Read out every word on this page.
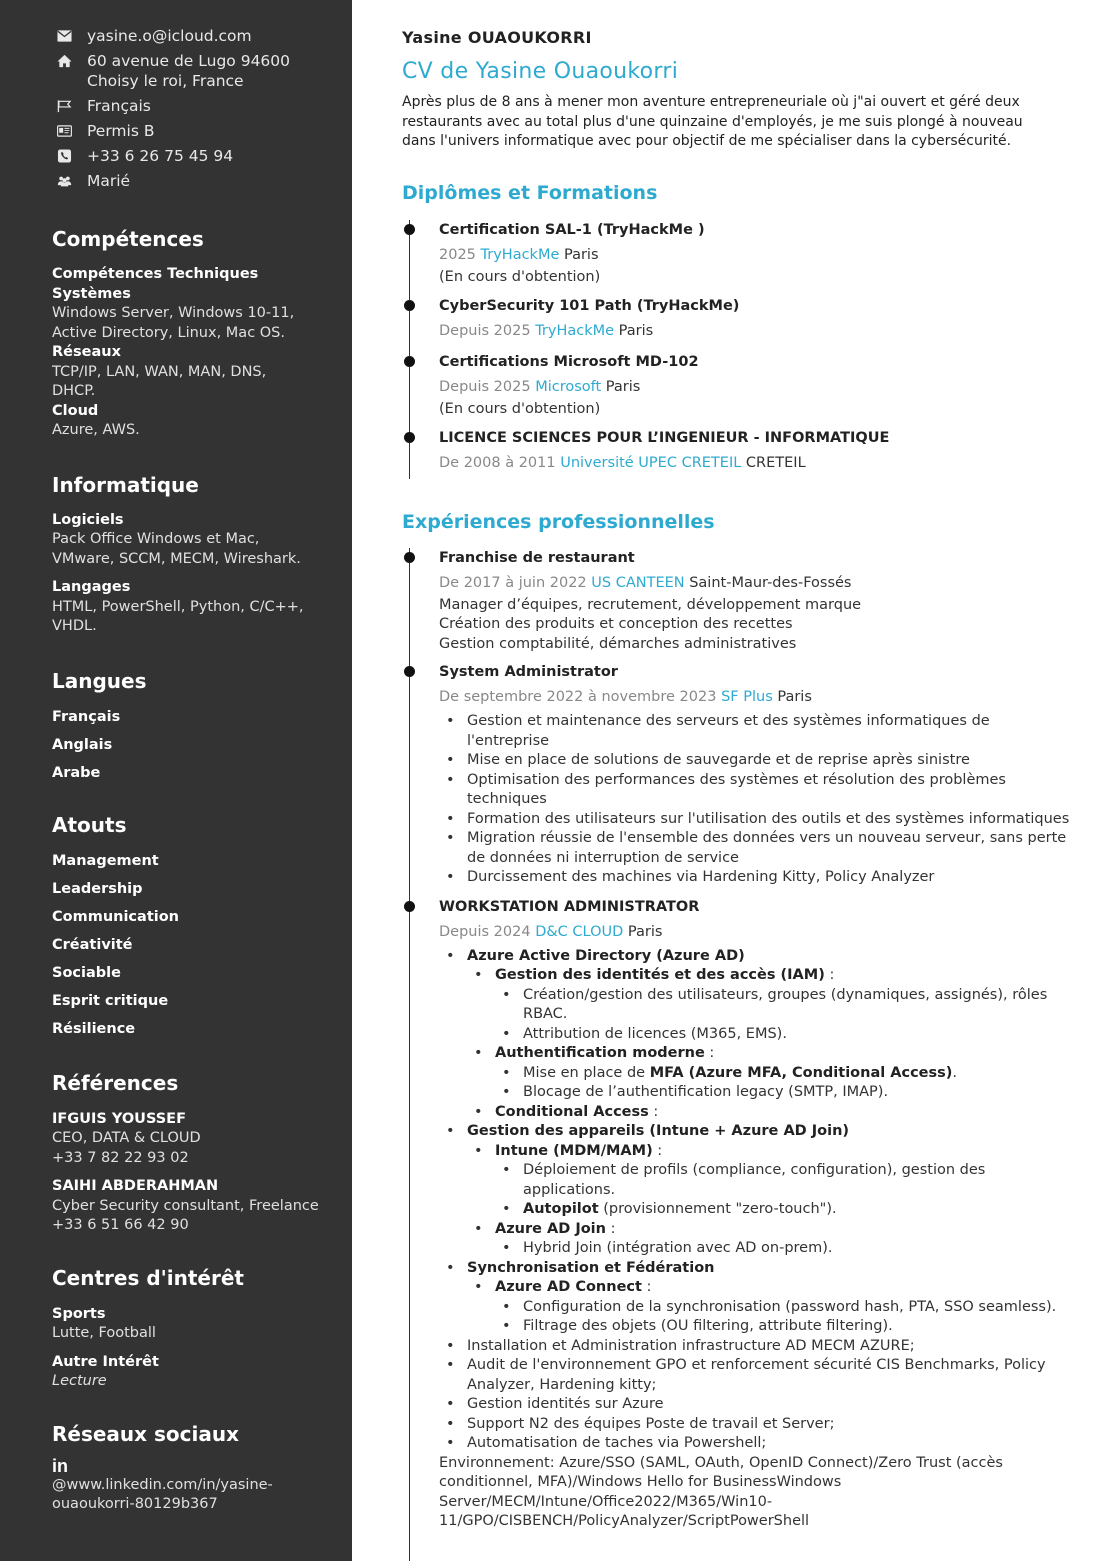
yasine.o@icloud.com
60 avenue de Lugo 94600
Choisy le roi, France
Français
Permis B
+33 6 26 75 45 94
Marié
Compétences
Compétences Techniques
Systèmes
Windows Server, Windows 10-11,
Active Directory, Linux, Mac OS.
Réseaux
TCP/IP, LAN, WAN, MAN, DNS,
DHCP.
Cloud
Azure, AWS.
Informatique
Logiciels
Pack Office Windows et Mac,
VMware, SCCM, MECM, Wireshark.
Langages
HTML, PowerShell, Python, C/C++,
VHDL.
Langues
Français
Anglais
Arabe
Atouts
Management
Leadership
Communication
Créativité
Sociable
Esprit critique
Résilience
Références
IFGUIS YOUSSEF
CEO, DATA & CLOUD
+33 7 82 22 93 02
SAIHI ABDERAHMAN
Cyber Security consultant, Freelance
+33 6 51 66 42 90
Centres d'intérêt
Sports
Lutte, Football
Autre Intérêt
Lecture
Réseaux sociaux
in
@www.linkedin.com/in/yasine-
ouaoukorri-80129b367
Yasine OUAOUKORRI
CV de Yasine Ouaoukorri

Après plus de 8 ans à mener mon aventure entrepreneuriale où j"ai ouvert et géré deux restaurants avec au total plus d'une quinzaine d'employés, je me suis plongé à nouveau dans l'univers informatique avec pour objectif de me spécialiser dans la cybersécurité.

Diplômes et Formations
Certification SAL-1 (TryHackMe )
2025 TryHackMe Paris
(En cours d'obtention)
CyberSecurity 101 Path (TryHackMe)
Depuis 2025 TryHackMe Paris
Certifications Microsoft MD-102
Depuis 2025 Microsoft Paris
(En cours d'obtention)
LICENCE SCIENCES POUR L’INGENIEUR - INFORMATIQUE
De 2008 à 2011 Université UPEC CRETEIL CRETEIL
Expériences professionnelles
Franchise de restaurant
De 2017 à juin 2022 US CANTEEN Saint-Maur-des-Fossés
Manager d’équipes, recrutement, développement marque
Création des produits et conception des recettes
Gestion comptabilité, démarches administratives
System Administrator
De septembre 2022 à novembre 2023 SF Plus Paris
• Gestion et maintenance des serveurs et des systèmes informatiques de l'entreprise
• Mise en place de solutions de sauvegarde et de reprise après sinistre
• Optimisation des performances des systèmes et résolution des problèmes techniques
• Formation des utilisateurs sur l'utilisation des outils et des systèmes informatiques
• Migration réussie de l'ensemble des données vers un nouveau serveur, sans perte de données ni interruption de service
• Durcissement des machines via Hardening Kitty, Policy Analyzer
WORKSTATION ADMINISTRATOR
Depuis 2024 D&C CLOUD Paris
• Azure Active Directory (Azure AD)
• Gestion des identités et des accès (IAM) :
• Création/gestion des utilisateurs, groupes (dynamiques, assignés), rôles RBAC.
• Attribution de licences (M365, EMS).
• Authentification moderne :
• Mise en place de MFA (Azure MFA, Conditional Access).
• Blocage de l’authentification legacy (SMTP, IMAP).
• Conditional Access :
• Gestion des appareils (Intune + Azure AD Join)
• Intune (MDM/MAM) :
• Déploiement de profils (compliance, configuration), gestion des applications.
• Autopilot (provisionnement "zero-touch").
• Azure AD Join :
• Hybrid Join (intégration avec AD on-prem).
• Synchronisation et Fédération
• Azure AD Connect :
• Configuration de la synchronisation (password hash, PTA, SSO seamless).
• Filtrage des objets (OU filtering, attribute filtering).
• Installation et Administration infrastructure AD MECM AZURE;
• Audit de l'environnement GPO et renforcement sécurité CIS Benchmarks, Policy Analyzer, Hardening kitty;
• Gestion identités sur Azure
• Support N2 des équipes Poste de travail et Server;
• Automatisation de taches via Powershell;
Environnement: Azure/SSO (SAML, OAuth, OpenID Connect)/Zero Trust (accès conditionnel, MFA)/Windows Hello for BusinessWindows Server/MECM/Intune/Office2022/M365/Win10-11/GPO/CISBENCH/PolicyAnalyzer/ScriptPowerShell
